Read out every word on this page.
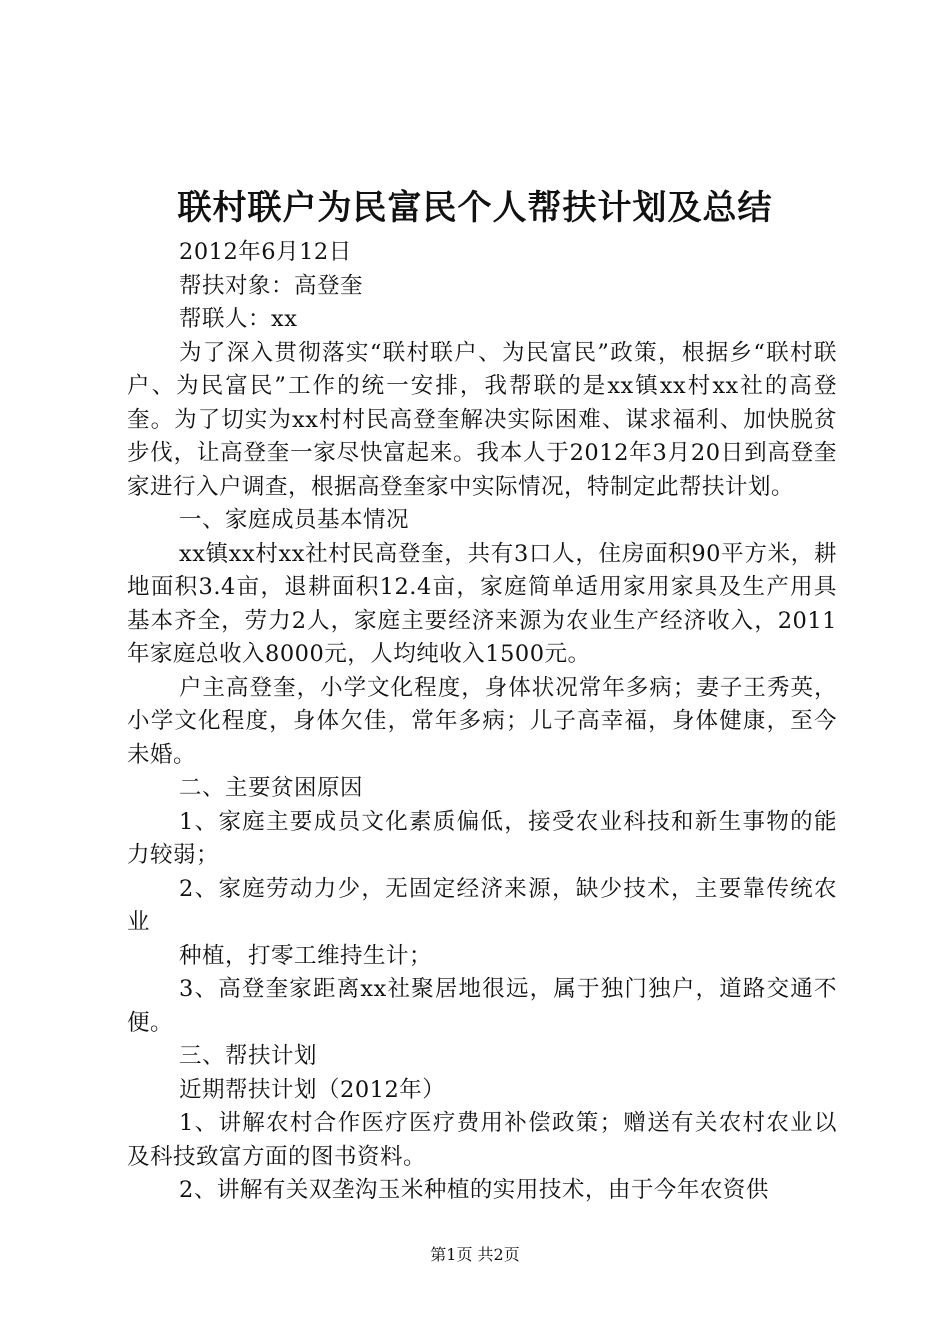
联村联户为民富民个人帮扶计划及总结

2012年6月12日

帮扶对象：高登奎

帮联人：xx

为了深入贯彻落实“联村联户、为民富民”政策，根据乡“联村联户、为民富民”工作的统一安排，我帮联的是xx镇xx村xx社的高登奎。为了切实为xx村村民高登奎解决实际困难、谋求福利、加快脱贫步伐，让高登奎一家尽快富起来。我本人于2012年3月20日到高登奎家进行入户调查，根据高登奎家中实际情况，特制定此帮扶计划。

一、家庭成员基本情况

xx镇xx村xx社村民高登奎，共有3口人，住房面积90平方米，耕地面积3.4亩，退耕面积12.4亩，家庭简单适用家用家具及生产用具基本齐全，劳力2人，家庭主要经济来源为农业生产经济收入，2011年家庭总收入8000元，人均纯收入1500元。

户主高登奎，小学文化程度，身体状况常年多病；妻子王秀英，小学文化程度，身体欠佳，常年多病；儿子高幸福，身体健康，至今未婚。

二、主要贫困原因

1、家庭主要成员文化素质偏低，接受农业科技和新生事物的能力较弱；

2、家庭劳动力少，无固定经济来源，缺少技术，主要靠传统农业

种植，打零工维持生计；

3、高登奎家距离xx社聚居地很远，属于独门独户，道路交通不便。

三、帮扶计划

近期帮扶计划（2012年）

1、讲解农村合作医疗医疗费用补偿政策；赠送有关农村农业以及科技致富方面的图书资料。

2、讲解有关双垄沟玉米种植的实用技术，由于今年农资供

第1页 共2页
